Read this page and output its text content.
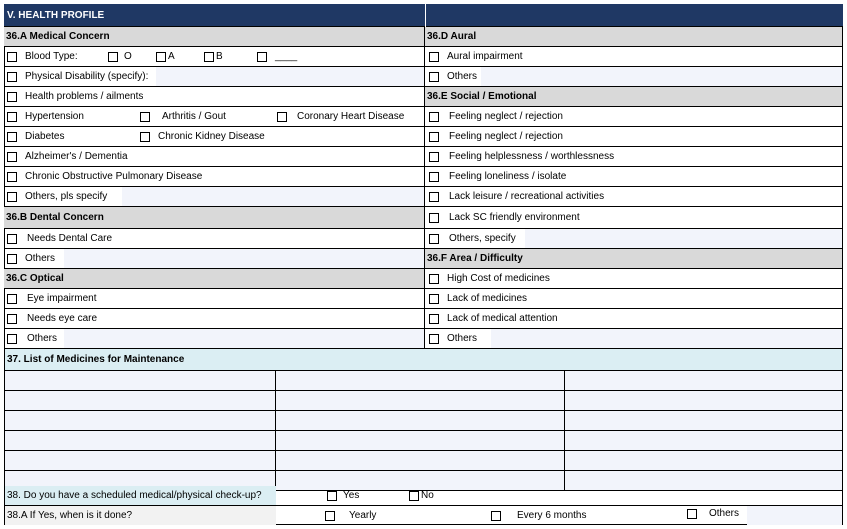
V. HEALTH PROFILE
36.A Medical Concern
Blood Type:	O	A	B	____
Physical Disability (specify):
Health problems / ailments
Hypertension	Arthritis / Gout	Coronary Heart Disease
Diabetes	Chronic Kidney Disease
Alzheimer's / Dementia
Chronic Obstructive Pulmonary Disease
Others, pls specify
36.B Dental Concern
Needs Dental Care
Others
36.C Optical
Eye impairment
Needs eye care
Others
36.D Aural
Aural impairment
Others
36.E Social / Emotional
Feeling neglect / rejection
Feeling neglect / rejection
Feeling helplessness / worthlessness
Feeling loneliness / isolate
Lack leisure / recreational activities
Lack SC friendly environment
Others, specify
36.F Area / Difficulty
High Cost of medicines
Lack of medicines
Lack of medical attention
Others
37. List of Medicines for Maintenance
38. Do you have a scheduled medical/physical check-up?	Yes	No
38.A If Yes, when is it done?	Yearly	Every 6 months	Others
